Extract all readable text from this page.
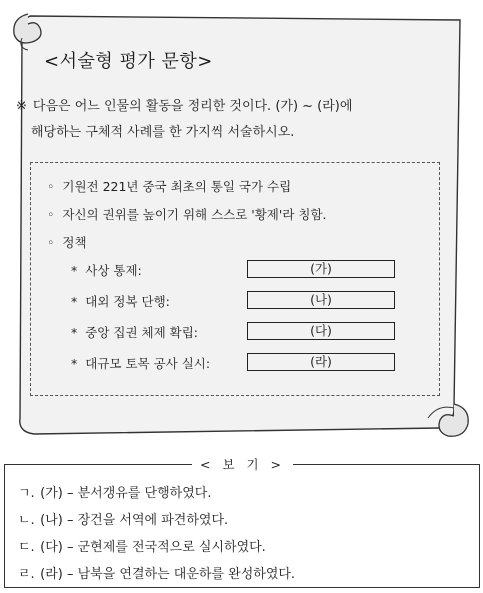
<서술형 평가 문항>
※ 다음은 어느 인물의 활동을 정리한 것이다. (가) ~ (라)에
해당하는 구체적 사례를 한 가지씩 서술하시오.
◦ 기원전 221년 중국 최초의 통일 국가 수립
◦ 자신의 권위를 높이기 위해 스스로 '황제'라 칭함.
◦ 정책
* 사상 통제:	(가)
* 대외 정복 단행:	(나)
* 중앙 집권 체제 확립:	(다)
* 대규모 토목 공사 실시:	(라)
ㄱ. (가) – 분서갱유를 단행하였다.
ㄴ. (나) – 장건을 서역에 파견하였다.
ㄷ. (다) – 군현제를 전국적으로 실시하였다.
ㄹ. (라) – 남북을 연결하는 대운하를 완성하였다.
< 보 기 >
